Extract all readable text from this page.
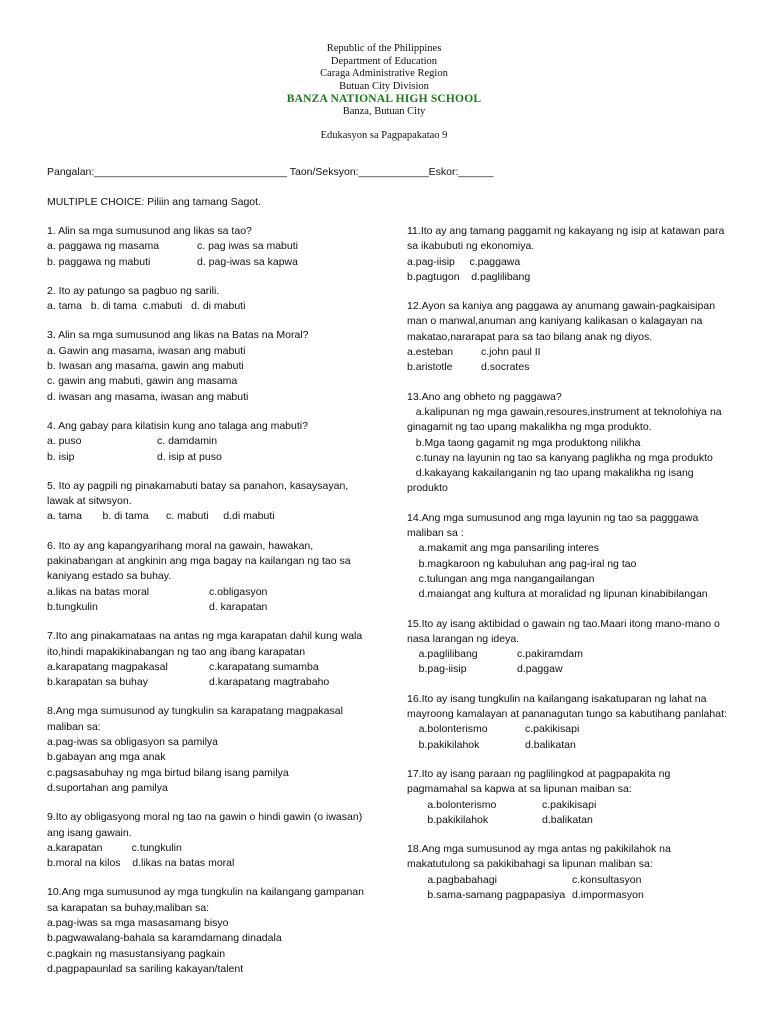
Republic of the Philippines
Department of Education
Caraga Administrative Region
Butuan City Division
BANZA NATIONAL HIGH SCHOOL
Banza, Butuan City
Edukasyon sa Pagpapakatao 9
Pangalan:_________________________________ Taon/Seksyon:____________Eskor:______
MULTIPLE CHOICE: Piliin ang tamang Sagot.
1. Alin sa mga sumusunod ang likas sa tao?
a. paggawa ng masama	c. pag iwas sa mabuti
b. paggawa ng mabuti	d. pag-iwas sa kapwa
2. Ito ay patungo sa pagbuo ng sarili.
a. tama   b. di tama  c.mabuti   d. di mabuti
3. Alin sa mga sumusunod ang likas na Batas na Moral?
a. Gawin ang masama, iwasan ang mabuti
b. Iwasan ang masama, gawin ang mabuti
c. gawin ang mabuti, gawin ang masama
d. iwasan ang masama, iwasan ang mabuti
4. Ang gabay para kilatisin kung ano talaga ang mabuti?
a. puso	c. damdamin
b. isip	d. isip at puso
5. Ito ay pagpili ng pinakamabuti batay sa panahon, kasaysayan, lawak at sitwsyon.
a. tama       b. di tama      c. mabuti     d.di mabuti
6. Ito ay ang kapangyarihang moral na gawain, hawakan, pakinabangan at angkinin ang mga bagay na kailangan ng tao sa kaniyang estado sa buhay.
a.likas na batas moral	c.obligasyon
b.tungkulin	d. karapatan
7.Ito ang pinakamataas na antas ng mga karapatan dahil kung wala ito,hindi mapakikinabangan ng tao ang ibang karapatan
a.karapatang magpakasal	c.karapatang sumamba
b.karapatan sa buhay	d.karapatang magtrabaho
8.Ang mga sumusunod ay tungkulin sa karapatang magpakasal maliban sa:
a.pag-iwas sa obligasyon sa pamilya
b.gabayan ang mga anak
c.pagsasabuhay ng mga birtud bilang isang pamilya
d.suportahan ang pamilya
9.Ito ay obligasyong moral ng tao na gawin o hindi gawin (o iwasan) ang isang gawain.
a.karapatan          c.tungkulin
b.moral na kilos    d.likas na batas moral
10.Ang mga sumusunod ay mga tungkulin na kailangang gampanan sa karapatan sa buhay,maliban sa:
a.pag-iwas sa mga masasamang bisyo
b.pagwawalang-bahala sa karamdamang dinadala
c.pagkain ng masustansiyang pagkain
d.pagpapaunlad sa sariling kakayan/talent
11.Ito ay ang tamang paggamit ng kakayang ng isip at katawan para sa ikabubuti ng ekonomiya.
a.pag-iisip     c.paggawa
b.pagtugon    d.paglilibang
12.Ayon sa kaniya ang paggawa ay anumang gawain-pagkaisipan man o manwal,anuman ang kaniyang kalikasan o kalagayan na makatao,nararapat para sa tao bilang anak ng diyos.
a.esteban	c.john paul II
b.aristotle	d.socrates
13.Ano ang obheto ng paggawa?
a.kalipunan ng mga gawain,resoures,instrument at teknolohiya na ginagamit ng tao upang makalikha ng mga produkto.
b.Mga taong gagamit ng mga produktong nilikha
c.tunay na layunin ng tao sa kanyang paglikha ng mga produkto
d.kakayang kakailanganin ng tao upang makalikha ng isang produkto
14.Ang mga sumusunod ang mga layunin ng tao sa pagggawa maliban sa :
a.makamit ang mga pansariling interes
b.magkaroon ng kabuluhan ang pag-iral ng tao
c.tulungan ang mga nangangailangan
d.maiangat ang kultura at moralidad ng lipunan kinabibilangan
15.Ito ay isang aktibidad o gawain ng tao.Maari itong mano-mano o nasa larangan ng ideya.
a.paglilibang	c.pakiramdam
b.pag-iisip	d.paggaw
16.Ito ay isang tungkulin na kailangang isakatuparan ng lahat na mayroong kamalayan at pananagutan tungo sa kabutihang panlahat:
a.bolonterismo	c.pakikisapi
b.pakikilahok	d.balikatan
17.Ito ay isang paraan ng paglilingkod at pagpapakita ng pagmamahal sa kapwa at sa lipunan maiban sa:
a.bolonterismo	c.pakikisapi
b.pakikilahok	d.balikatan
18.Ang mga sumusunod ay mga antas ng pakikilahok na makatutulong sa pakikibahagi sa lipunan maliban sa:
a.pagbabahagi	c.konsultasyon
b.sama-samang pagpapasiya d.impormasyon
